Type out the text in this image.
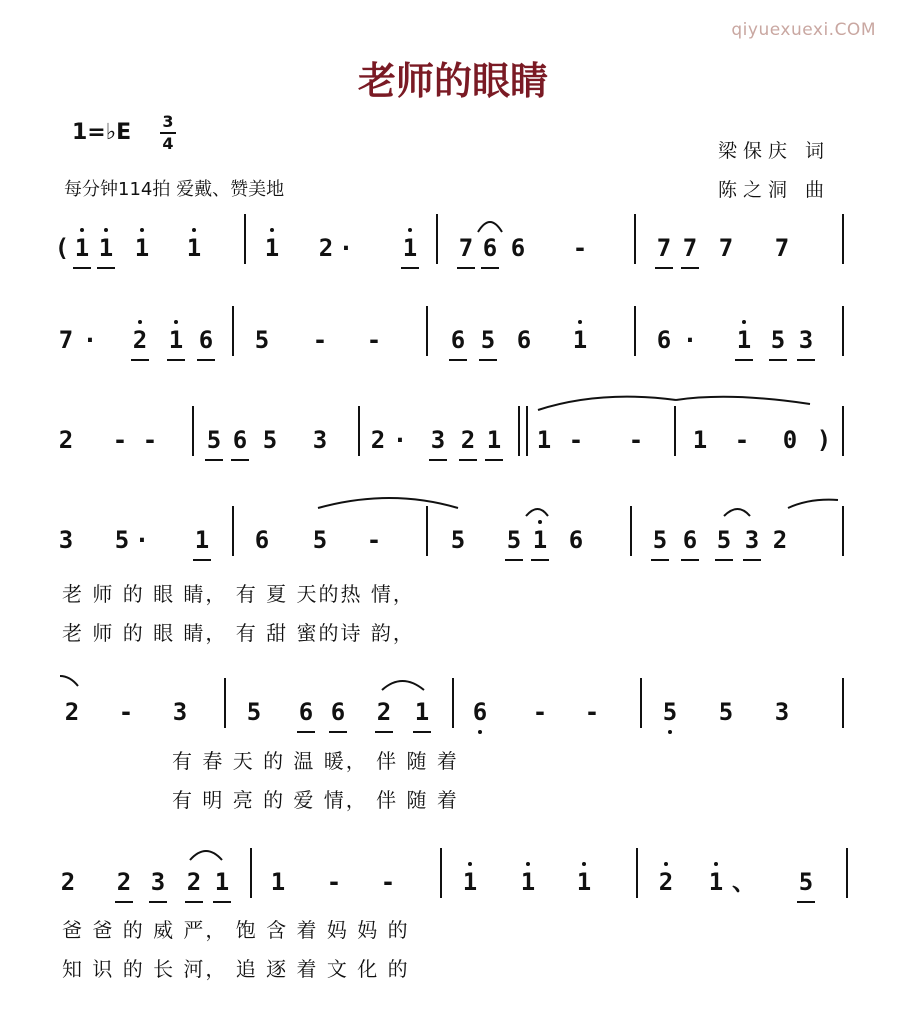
qiyuexuexi.COM
老师的眼睛
1=♭E 3
4
每分钟114拍 爱戴、赞美地
梁保庆 词
陈之洞 曲
( 1 1 1 1	1 2 · 1 7 6 6 -	7 7 7 7
7 · 2 1 6 5 - -	6 5 6 1	6 · 1 5 3
2 - - 5 6 5 3 2 · 3 2 1 1 - - 1 - 0 )
3 5 · 1 6 5 -	5 5 1 6	5 6 5 3 2
2 - 3 5 6 6 2 1 6 - -	5 5 3
2 2 3 2 1 1 - -	1 1 1	2 1 、 5
老 师 的 眼 睛， 有 夏 天的热 情，
老 师 的 眼 睛， 有 甜 蜜的诗 韵，
有 春 天 的 温 暖， 伴 随 着
有 明 亮 的 爱 情， 伴 随 着
爸 爸 的 威 严， 饱 含 着 妈 妈 的
知 识 的 长 河， 追 逐 着 文 化 的
